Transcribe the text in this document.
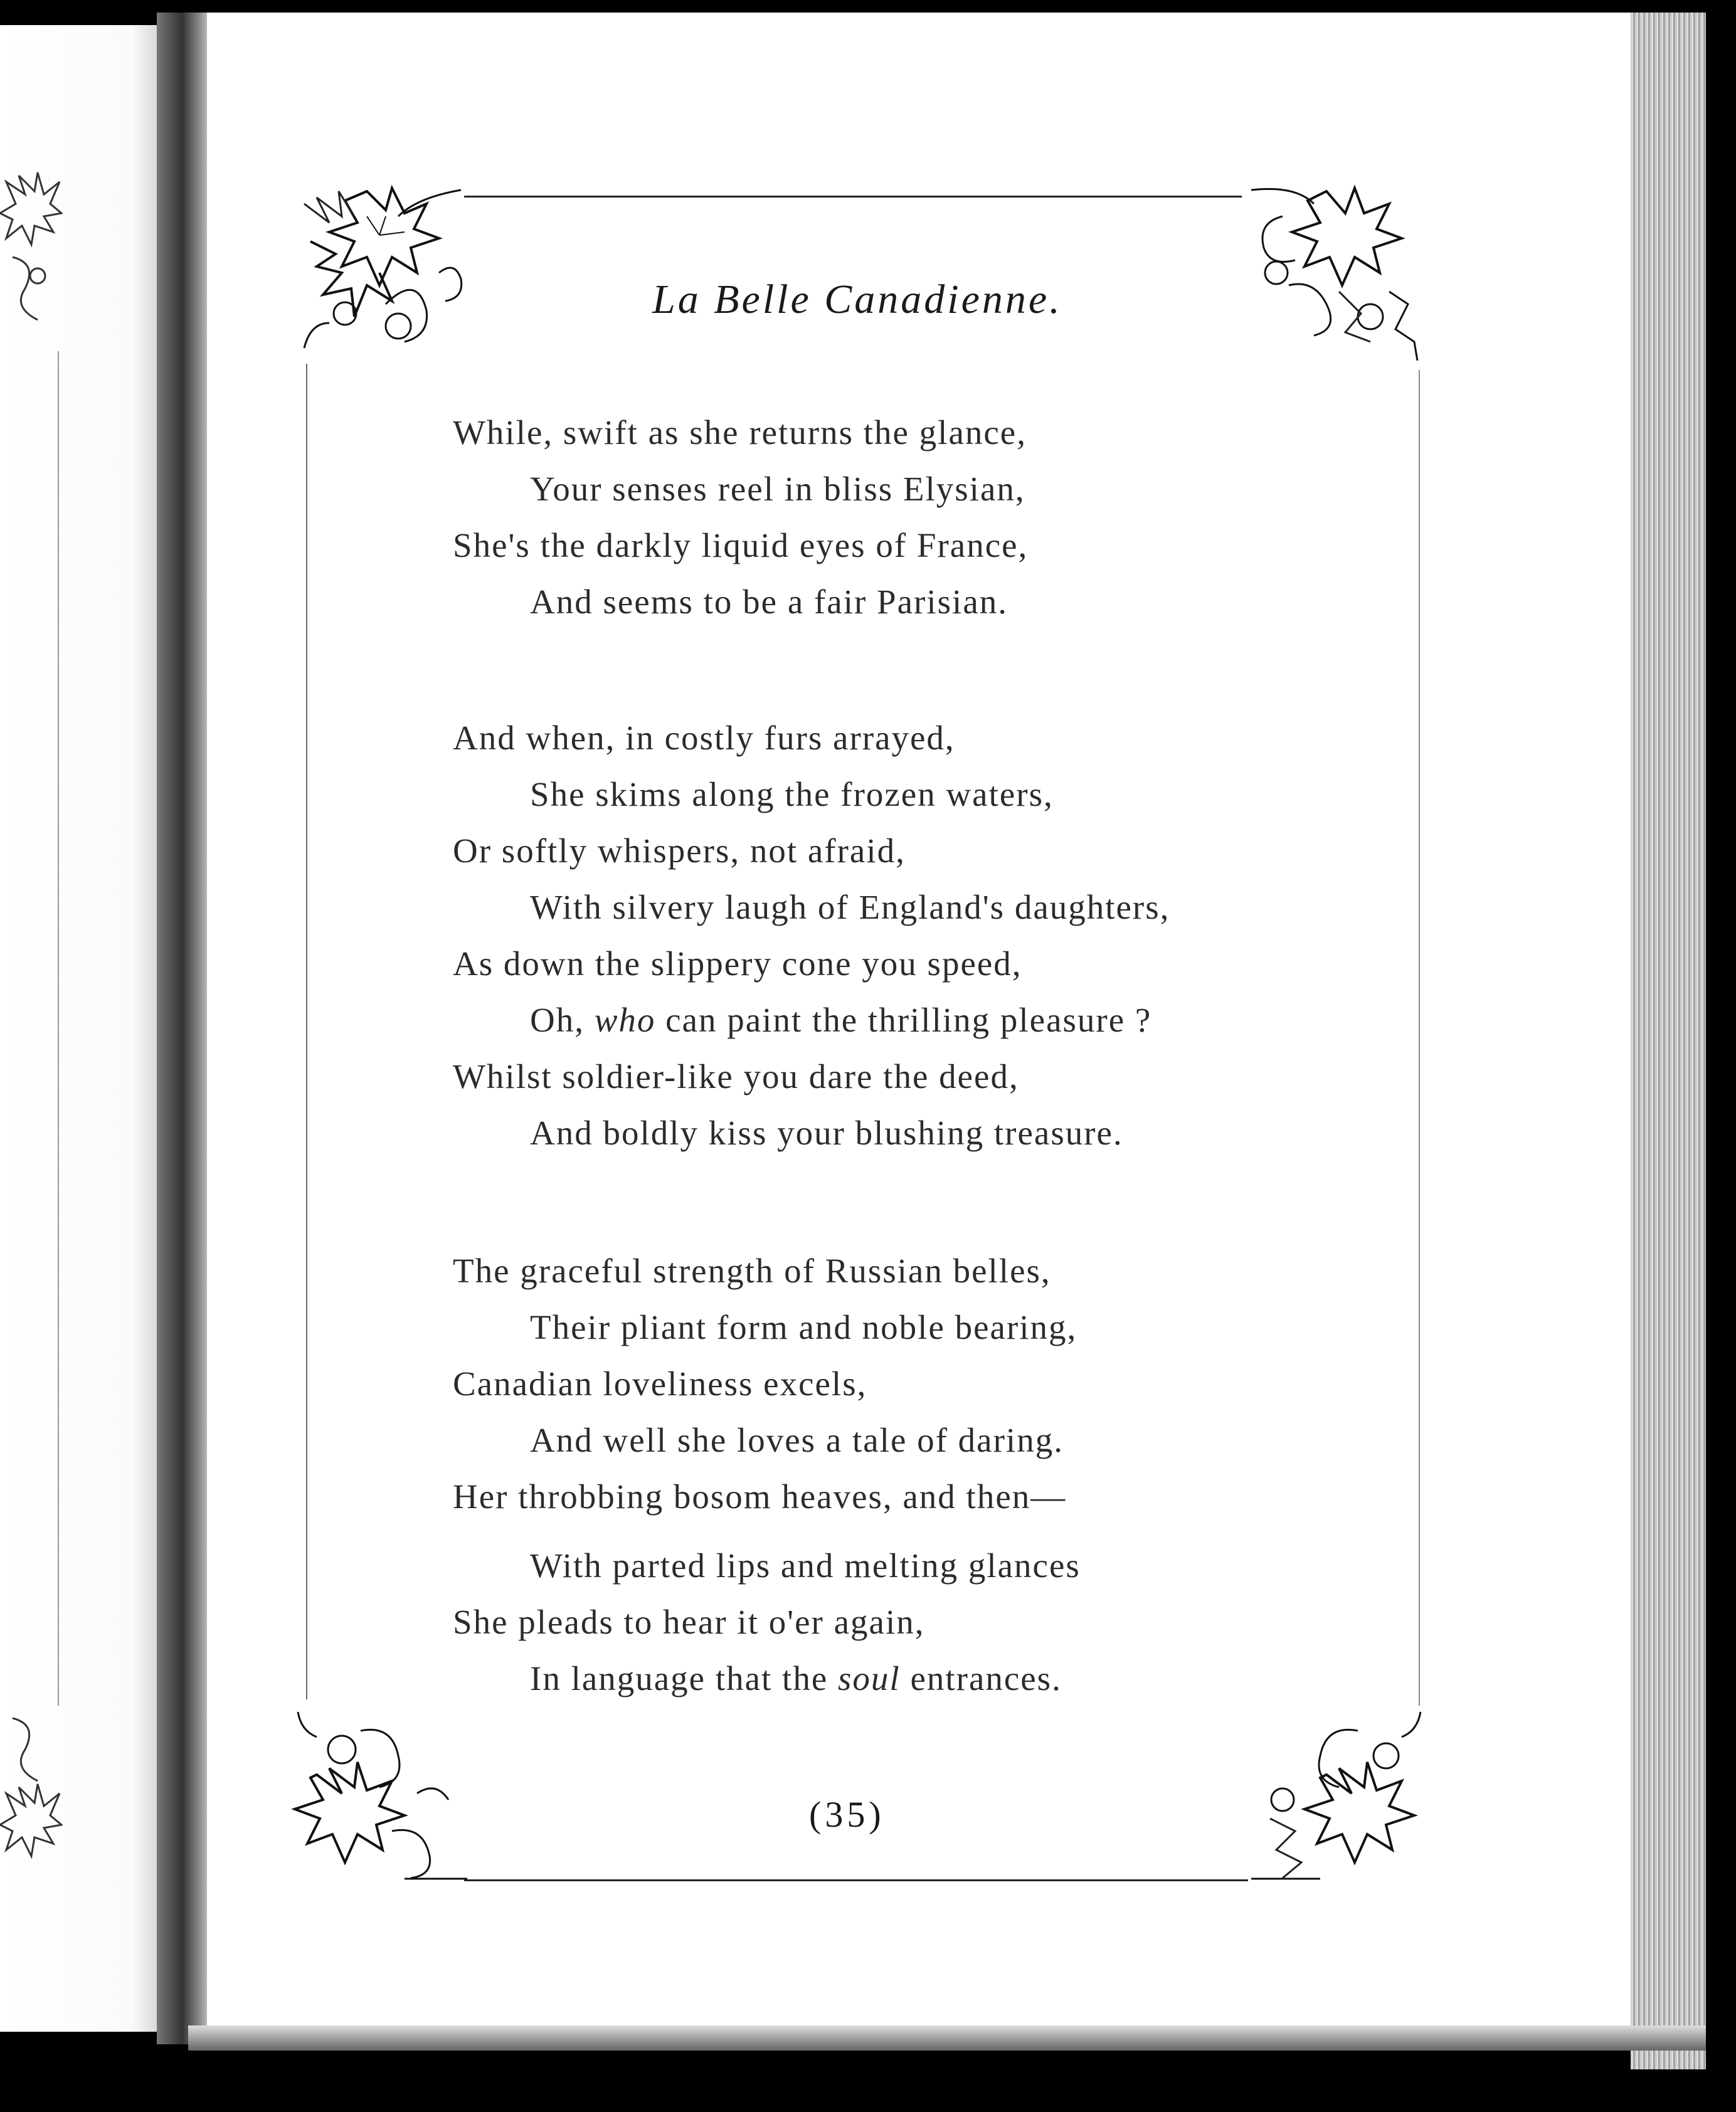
La Belle Canadienne.
While, swift as she returns the glance,
Your senses reel in bliss Elysian,
She's the darkly liquid eyes of France,
And seems to be a fair Parisian.
And when, in costly furs arrayed,
She skims along the frozen waters,
Or softly whispers, not afraid,
With silvery laugh of England's daughters,
As down the slippery cone you speed,
Oh, who can paint the thrilling pleasure ?
Whilst soldier-like you dare the deed,
And boldly kiss your blushing treasure.
The graceful strength of Russian belles,
Their pliant form and noble bearing,
Canadian loveliness excels,
And well she loves a tale of daring.
Her throbbing bosom heaves, and then—
With parted lips and melting glances
She pleads to hear it o'er again,
In language that the soul entrances.
(35)
